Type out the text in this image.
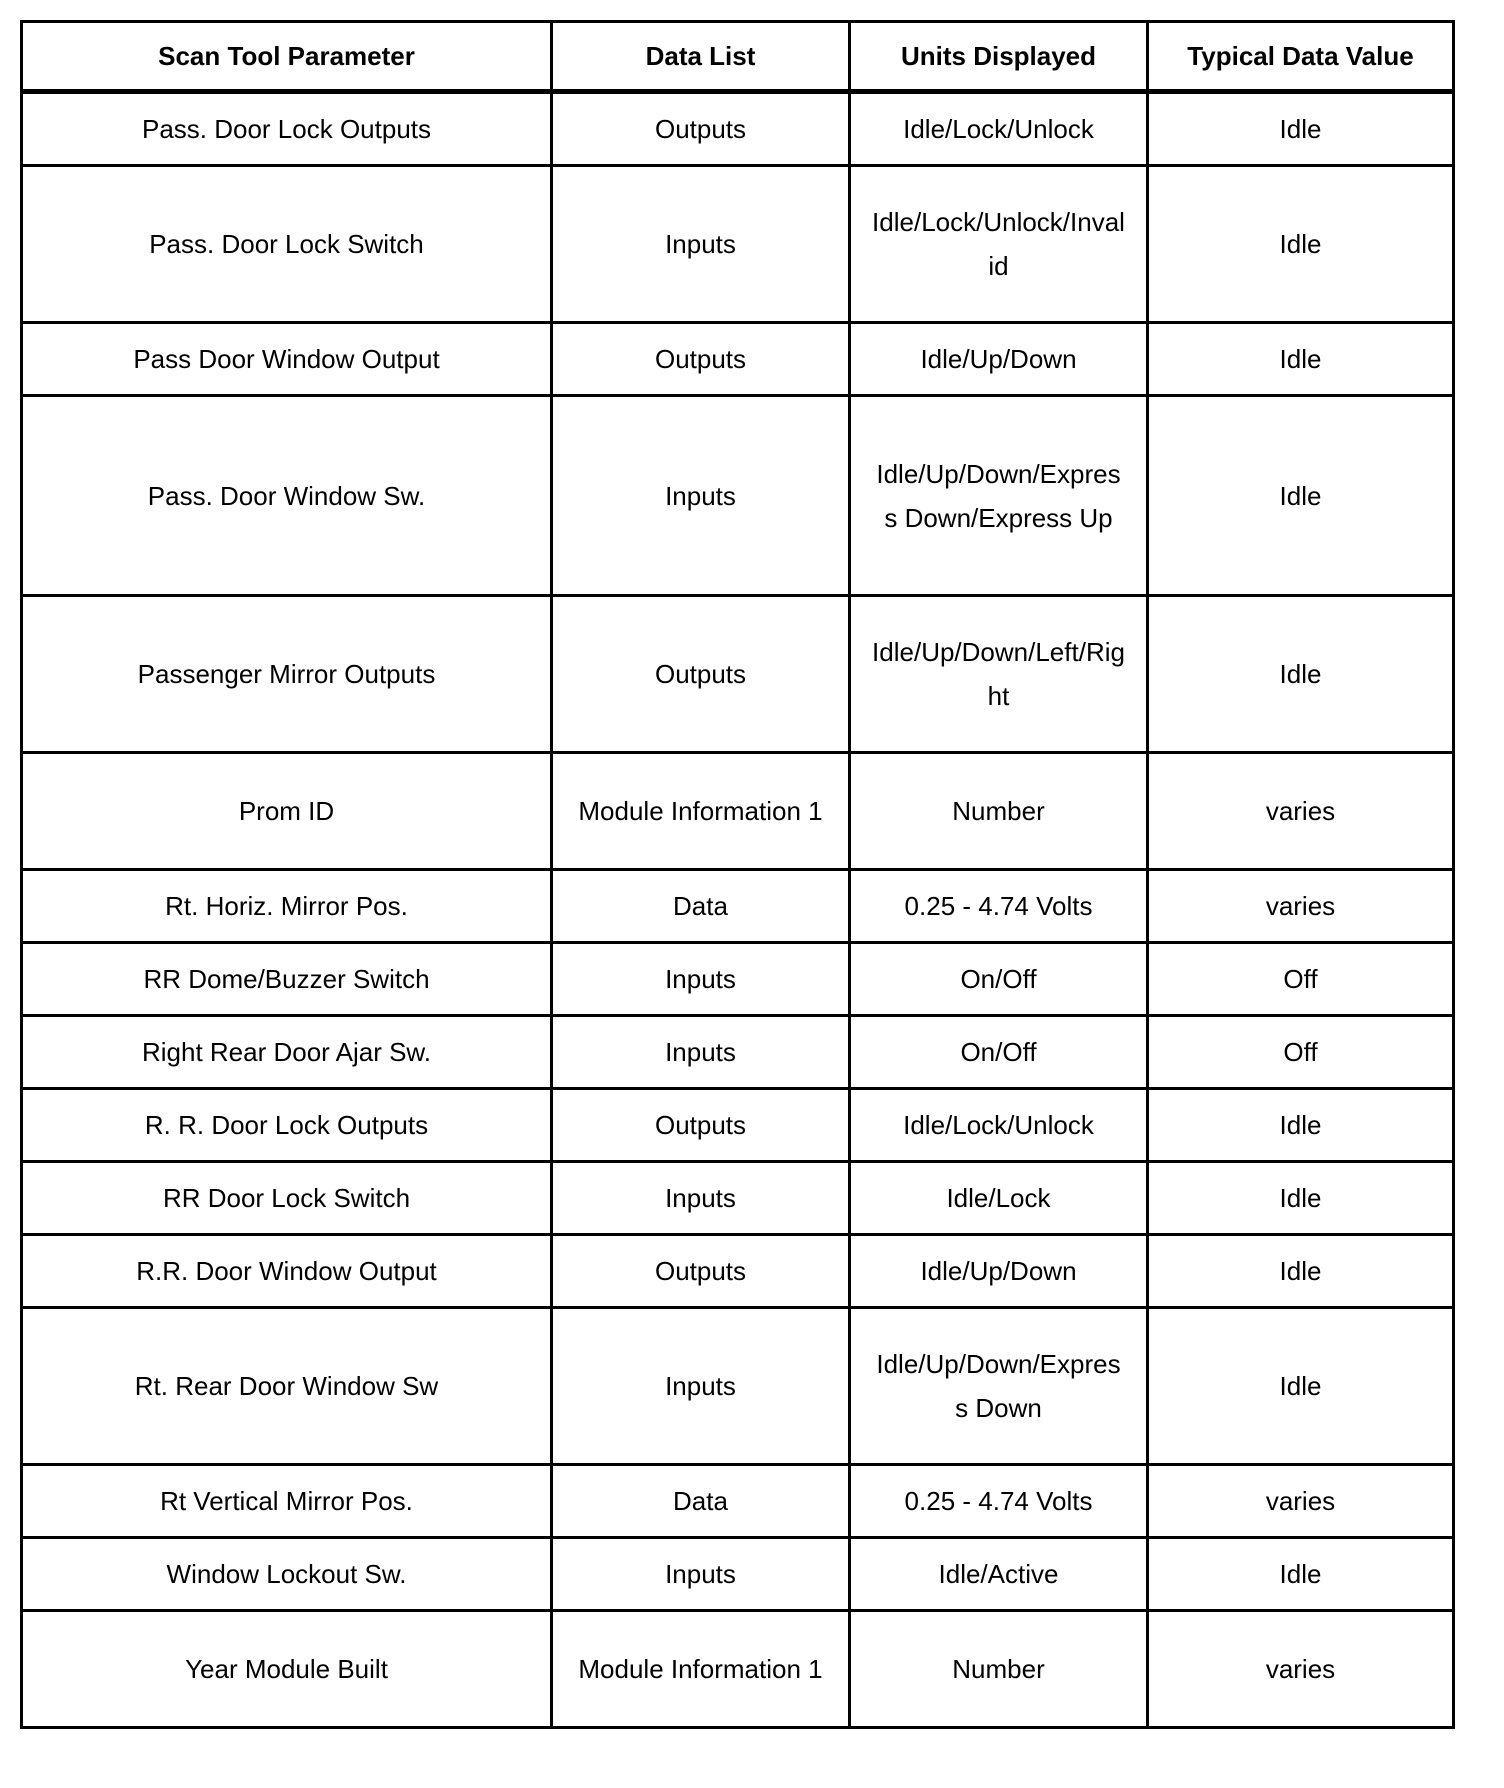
Scan Tool Parameter	Data List	Units Displayed	Typical Data Value
Pass. Door Lock Outputs	Outputs	Idle/Lock/Unlock	Idle
Pass. Door Lock Switch	Inputs	Idle/Lock/Unlock/Invalid	Idle
Pass Door Window Output	Outputs	Idle/Up/Down	Idle
Pass. Door Window Sw.	Inputs	Idle/Up/Down/Express Down/Express Up	Idle
Passenger Mirror Outputs	Outputs	Idle/Up/Down/Left/Right	Idle
Prom ID	Module Information 1	Number	varies
Rt. Horiz. Mirror Pos.	Data	0.25 - 4.74 Volts	varies
RR Dome/Buzzer Switch	Inputs	On/Off	Off
Right Rear Door Ajar Sw.	Inputs	On/Off	Off
R. R. Door Lock Outputs	Outputs	Idle/Lock/Unlock	Idle
RR Door Lock Switch	Inputs	Idle/Lock	Idle
R.R. Door Window Output	Outputs	Idle/Up/Down	Idle
Rt. Rear Door Window Sw	Inputs	Idle/Up/Down/Express Down	Idle
Rt Vertical Mirror Pos.	Data	0.25 - 4.74 Volts	varies
Window Lockout Sw.	Inputs	Idle/Active	Idle
Year Module Built	Module Information 1	Number	varies
